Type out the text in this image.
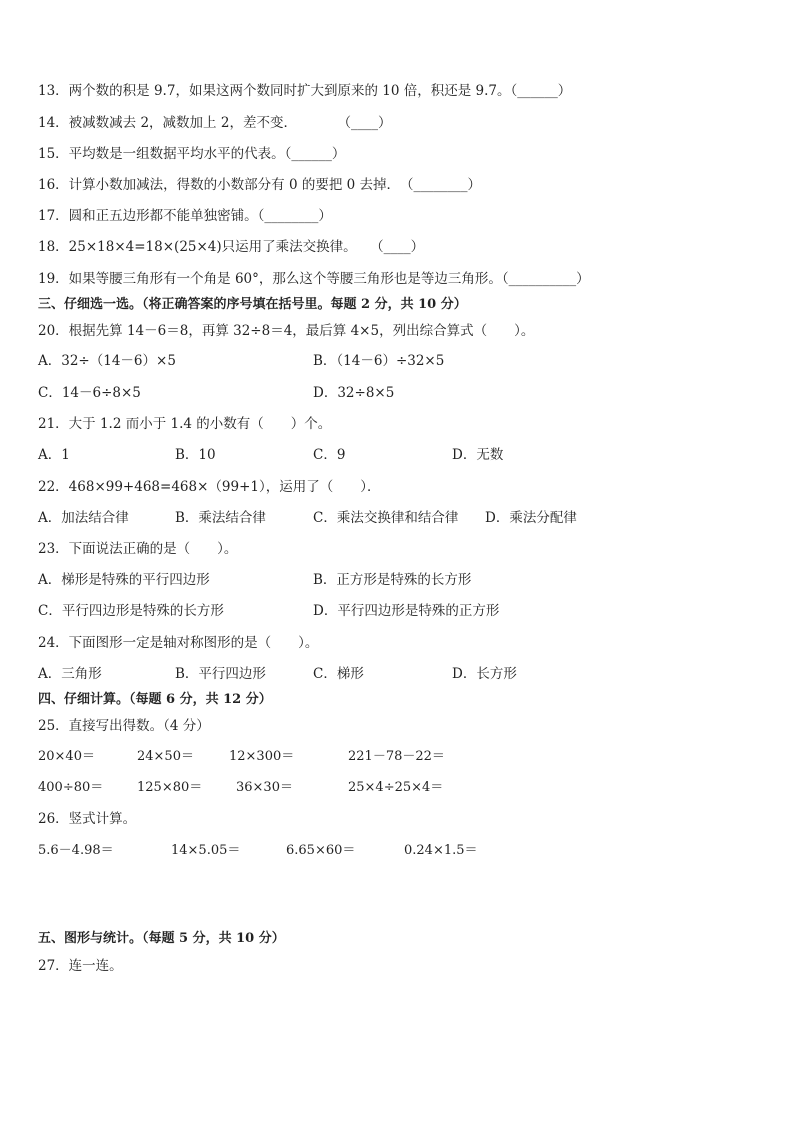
13．两个数的积是 9.7，如果这两个数同时扩大到原来的 10 倍，积还是 9.7。（______）
14．被减数减去 2，减数加上 2，差不变．　　　　（____）
15．平均数是一组数据平均水平的代表。（______）
16．计算小数加减法，得数的小数部分有 0 的要把 0 去掉．　（________）
17．圆和正五边形都不能单独密铺。（________）
18．25×18×4=18×(25×4)只运用了乘法交换律。　　（____）
19．如果等腰三角形有一个角是 60°，那么这个等腰三角形也是等边三角形。（__________）
三、仔细选一选。（将正确答案的序号填在括号里。每题 2 分，共 10 分）
20．根据先算 14－6＝8，再算 32÷8＝4，最后算 4×5，列出综合算式（　　）。
A．32÷（14－6）×5	B．（14－6）÷32×5
C．14－6÷8×5	D．32÷8×5
21．大于 1.2 而小于 1.4 的小数有（　　）个。
A．1	B．10	C．9	D．无数
22．468×99+468=468×（99+1），运用了（　　）．
A．加法结合律	B．乘法结合律	C．乘法交换律和结合律 D．乘法分配律
23．下面说法正确的是（　　）。
A．梯形是特殊的平行四边形	B．正方形是特殊的长方形
C．平行四边形是特殊的长方形	D．平行四边形是特殊的正方形
24．下面图形一定是轴对称图形的是（　　）。
A．三角形	B．平行四边形	C．梯形	D．长方形
四、仔细计算。（每题 6 分，共 12 分）
25．直接写出得数。（4 分）
20×40＝	24×50＝	12×300＝	221－78－22＝
400÷80＝	125×80＝	36×30＝	25×4÷25×4＝
26．竖式计算。
5.6－4.98＝	14×5.05＝	6.65×60＝	0.24×1.5＝
五、图形与统计。（每题 5 分，共 10 分）
27．连一连。
